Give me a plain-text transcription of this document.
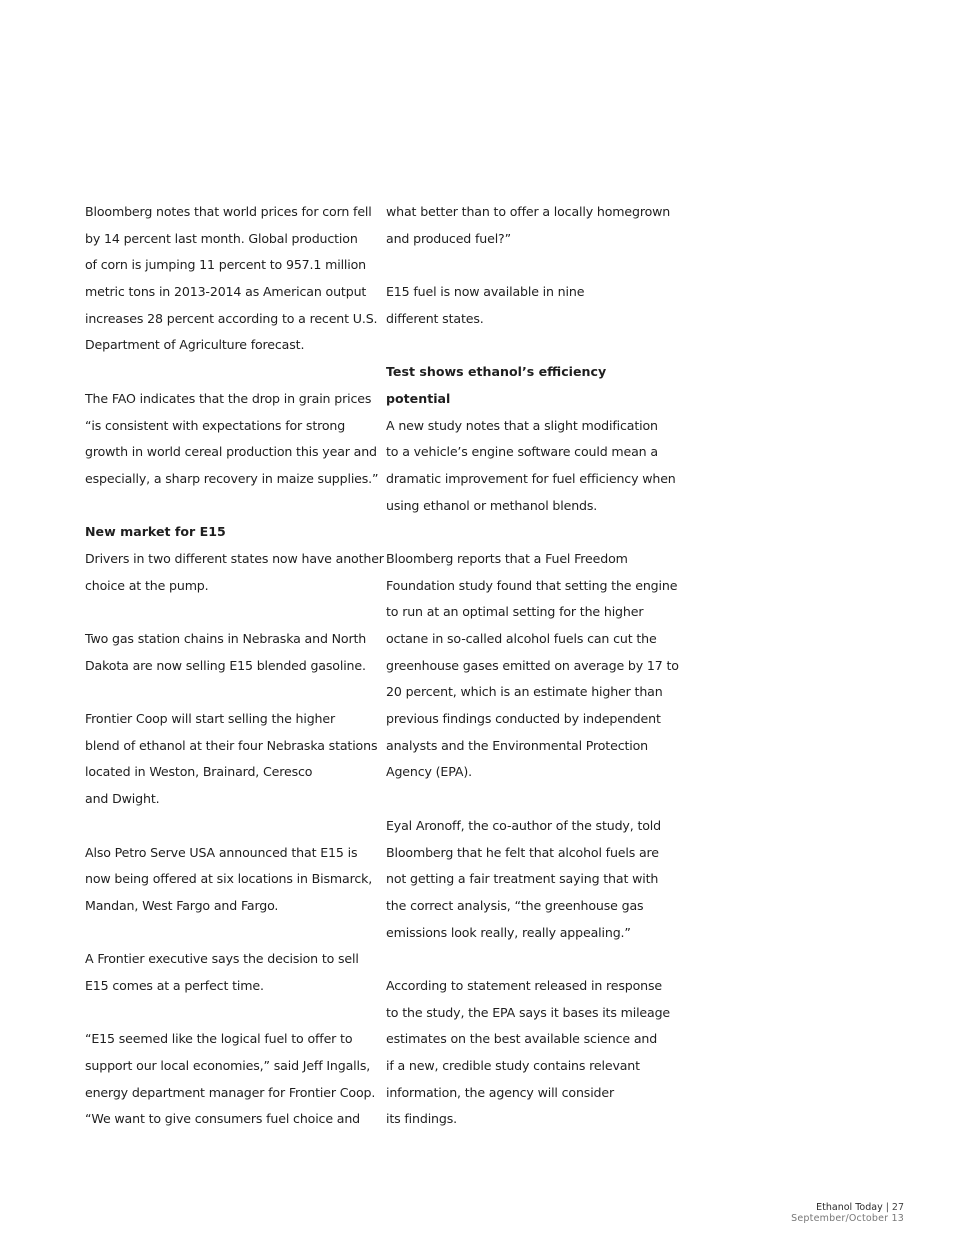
Bloomberg notes that world prices for corn fell
by 14 percent last month. Global production
of corn is jumping 11 percent to 957.1 million
metric tons in 2013-2014 as American output
increases 28 percent according to a recent U.S.
Department of Agriculture forecast.
The FAO indicates that the drop in grain prices
“is consistent with expectations for strong
growth in world cereal production this year and
especially, a sharp recovery in maize supplies.”
New market for E15
Drivers in two different states now have another
choice at the pump.
Two gas station chains in Nebraska and North
Dakota are now selling E15 blended gasoline.
Frontier Coop will start selling the higher
blend of ethanol at their four Nebraska stations
located in Weston, Brainard, Ceresco
and Dwight.
Also Petro Serve USA announced that E15 is
now being offered at six locations in Bismarck,
Mandan, West Fargo and Fargo.
A Frontier executive says the decision to sell
E15 comes at a perfect time.
“E15 seemed like the logical fuel to offer to
support our local economies,” said Jeff Ingalls,
energy department manager for Frontier Coop.
“We want to give consumers fuel choice and
what better than to offer a locally homegrown
and produced fuel?”
E15 fuel is now available in nine
different states.
Test shows ethanol’s efficiency
potential
A new study notes that a slight modification
to a vehicle’s engine software could mean a
dramatic improvement for fuel efficiency when
using ethanol or methanol blends.
Bloomberg reports that a Fuel Freedom
Foundation study found that setting the engine
to run at an optimal setting for the higher
octane in so-called alcohol fuels can cut the
greenhouse gases emitted on average by 17 to
20 percent, which is an estimate higher than
previous findings conducted by independent
analysts and the Environmental Protection
Agency (EPA).
Eyal Aronoff, the co-author of the study, told
Bloomberg that he felt that alcohol fuels are
not getting a fair treatment saying that with
the correct analysis, “the greenhouse gas
emissions look really, really appealing.”
According to statement released in response
to the study, the EPA says it bases its mileage
estimates on the best available science and
if a new, credible study contains relevant
information, the agency will consider
its findings.
Ethanol Today | 27
September/October 13
